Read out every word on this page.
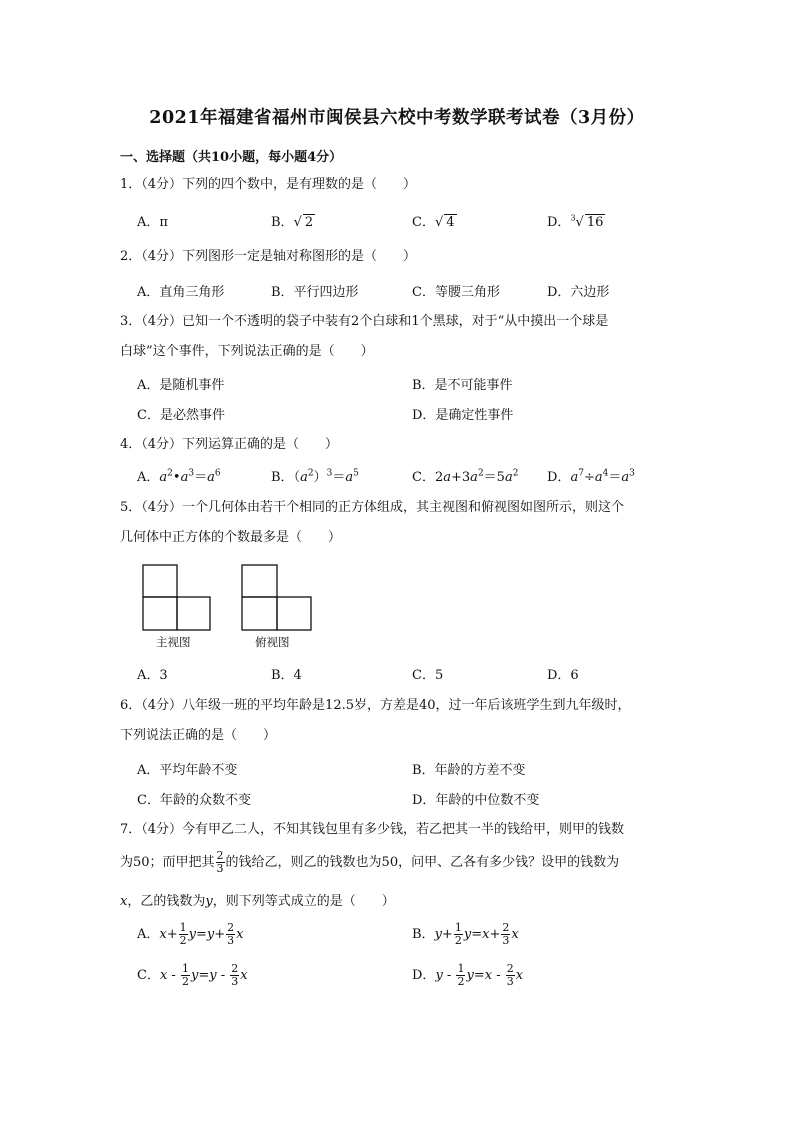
2021年福建省福州市闽侯县六校中考数学联考试卷（3月份）
一、选择题（共10小题，每小题4分）
1．（4分）下列的四个数中，是有理数的是（　　）
A．π	B．√ 2	C．√ 4	D．$^3$√ 16
2．（4分）下列图形一定是轴对称图形的是（　　）
A．直角三角形	B．平行四边形	C．等腰三角形	D．六边形
3．（4分）已知一个不透明的袋子中装有2个白球和1个黑球，对于“从中摸出一个球是
白球”这个事件，下列说法正确的是（　　）
A．是随机事件	B．是不可能事件
C．是必然事件	D．是确定性事件
4．（4分）下列运算正确的是（　　）
A．$a^2•a^3=a^6$	B．$(a^2)^3=a^5$	C．$2a+3a^2=5a^2$ D．$a^7\div a^4=a^3$
5．（4分）一个几何体由若干个相同的正方体组成，其主视图和俯视图如图所示，则这个
几何体中正方体的个数最多是（　　）
主视图	俯视图
A．3	B．4	C．5	D．6
6．（4分）八年级一班的平均年龄是12.5岁，方差是40，过一年后该班学生到九年级时，
下列说法正确的是（　　）
A．平均年龄不变	B．年龄的方差不变
C．年龄的众数不变	D．年龄的中位数不变
7．（4分）今有甲乙二人，不知其钱包里有多少钱，若乙把其一半的钱给甲，则甲的钱数
为50；而甲把其 $\frac{2}{3}$ 的钱给乙，则乙的钱数也为50，问甲、乙各有多少钱？设甲的钱数为
x，乙的钱数为y，则下列等式成立的是（　　）
A．$x+ \frac{1}{2} y=y+ \frac{2}{3}$ x	B．$y+ \frac{1}{2} y=x+ \frac{2}{3}$ x
C．$x - \frac{1}{2} y=y - \frac{2}{3}$ x	D．$y - \frac{1}{2} y=x - \frac{2}{3}$ x
